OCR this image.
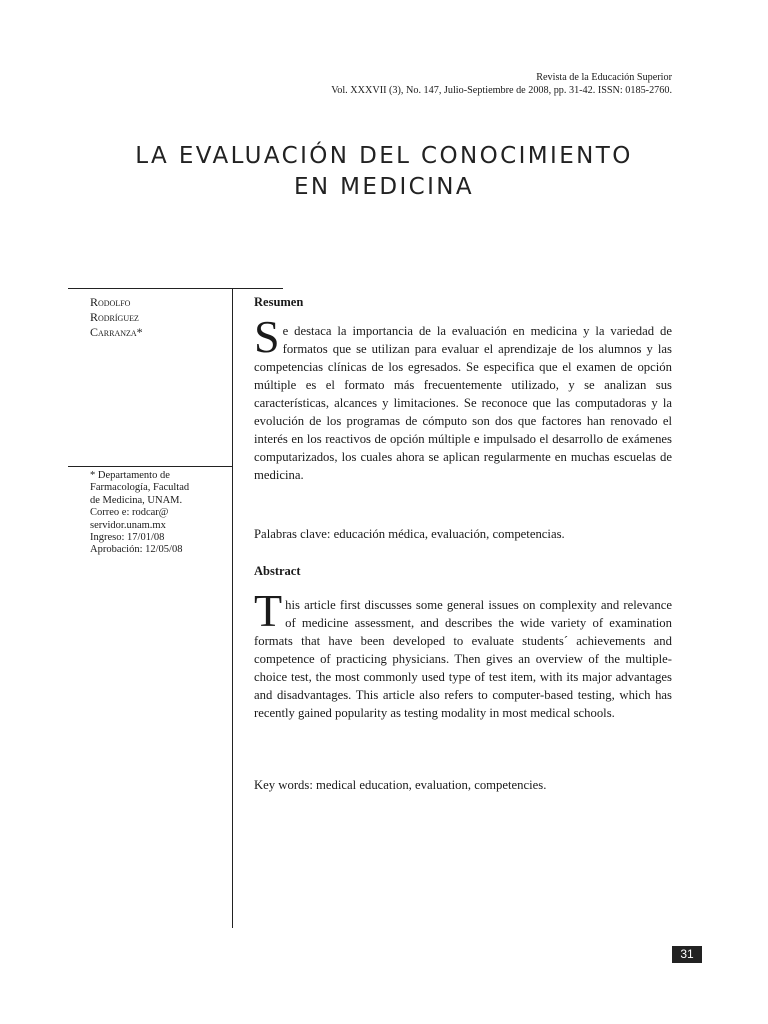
Revista de la Educación Superior
Vol. XXXVII (3), No. 147, Julio-Septiembre de 2008, pp. 31-42. ISSN: 0185-2760.
LA EVALUACIÓN DEL CONOCIMIENTO
EN MEDICINA
Rodolfo
Rodríguez
Carranza*
* Departamento de
Farmacología, Facultad
de Medicina, UNAM.
Correo e: rodcar@
servidor.unam.mx
Ingreso: 17/01/08
Aprobación: 12/05/08
Resumen

Se destaca la importancia de la evaluación en medicina y la variedad de formatos que se utilizan para evaluar el aprendizaje de los alumnos y las competencias clínicas de los egresados. Se especifica que el examen de opción múltiple es el formato más frecuentemente utilizado, y se analizan sus características, alcances y limitaciones. Se reconoce que las computadoras y la evolución de los programas de cómputo son dos que factores han renovado el interés en los reactivos de opción múltiple e impulsado el desarrollo de exámenes computarizados, los cuales ahora se aplican regularmente en muchas escuelas de medicina.

Palabras clave: educación médica, evaluación, competencias.
Abstract

This article first discusses some general issues on complexity and relevance of medicine assessment, and describes the wide variety of examination formats that have been developed to evaluate students´ achievements and competence of practicing physicians. Then gives an overview of the multiple-choice test, the most commonly used type of test item, with its major advantages and disadvantages. This article also refers to computer-based testing, which has recently gained popularity as testing modality in most medical schools.

Key words: medical education, evaluation, competencies.
31
